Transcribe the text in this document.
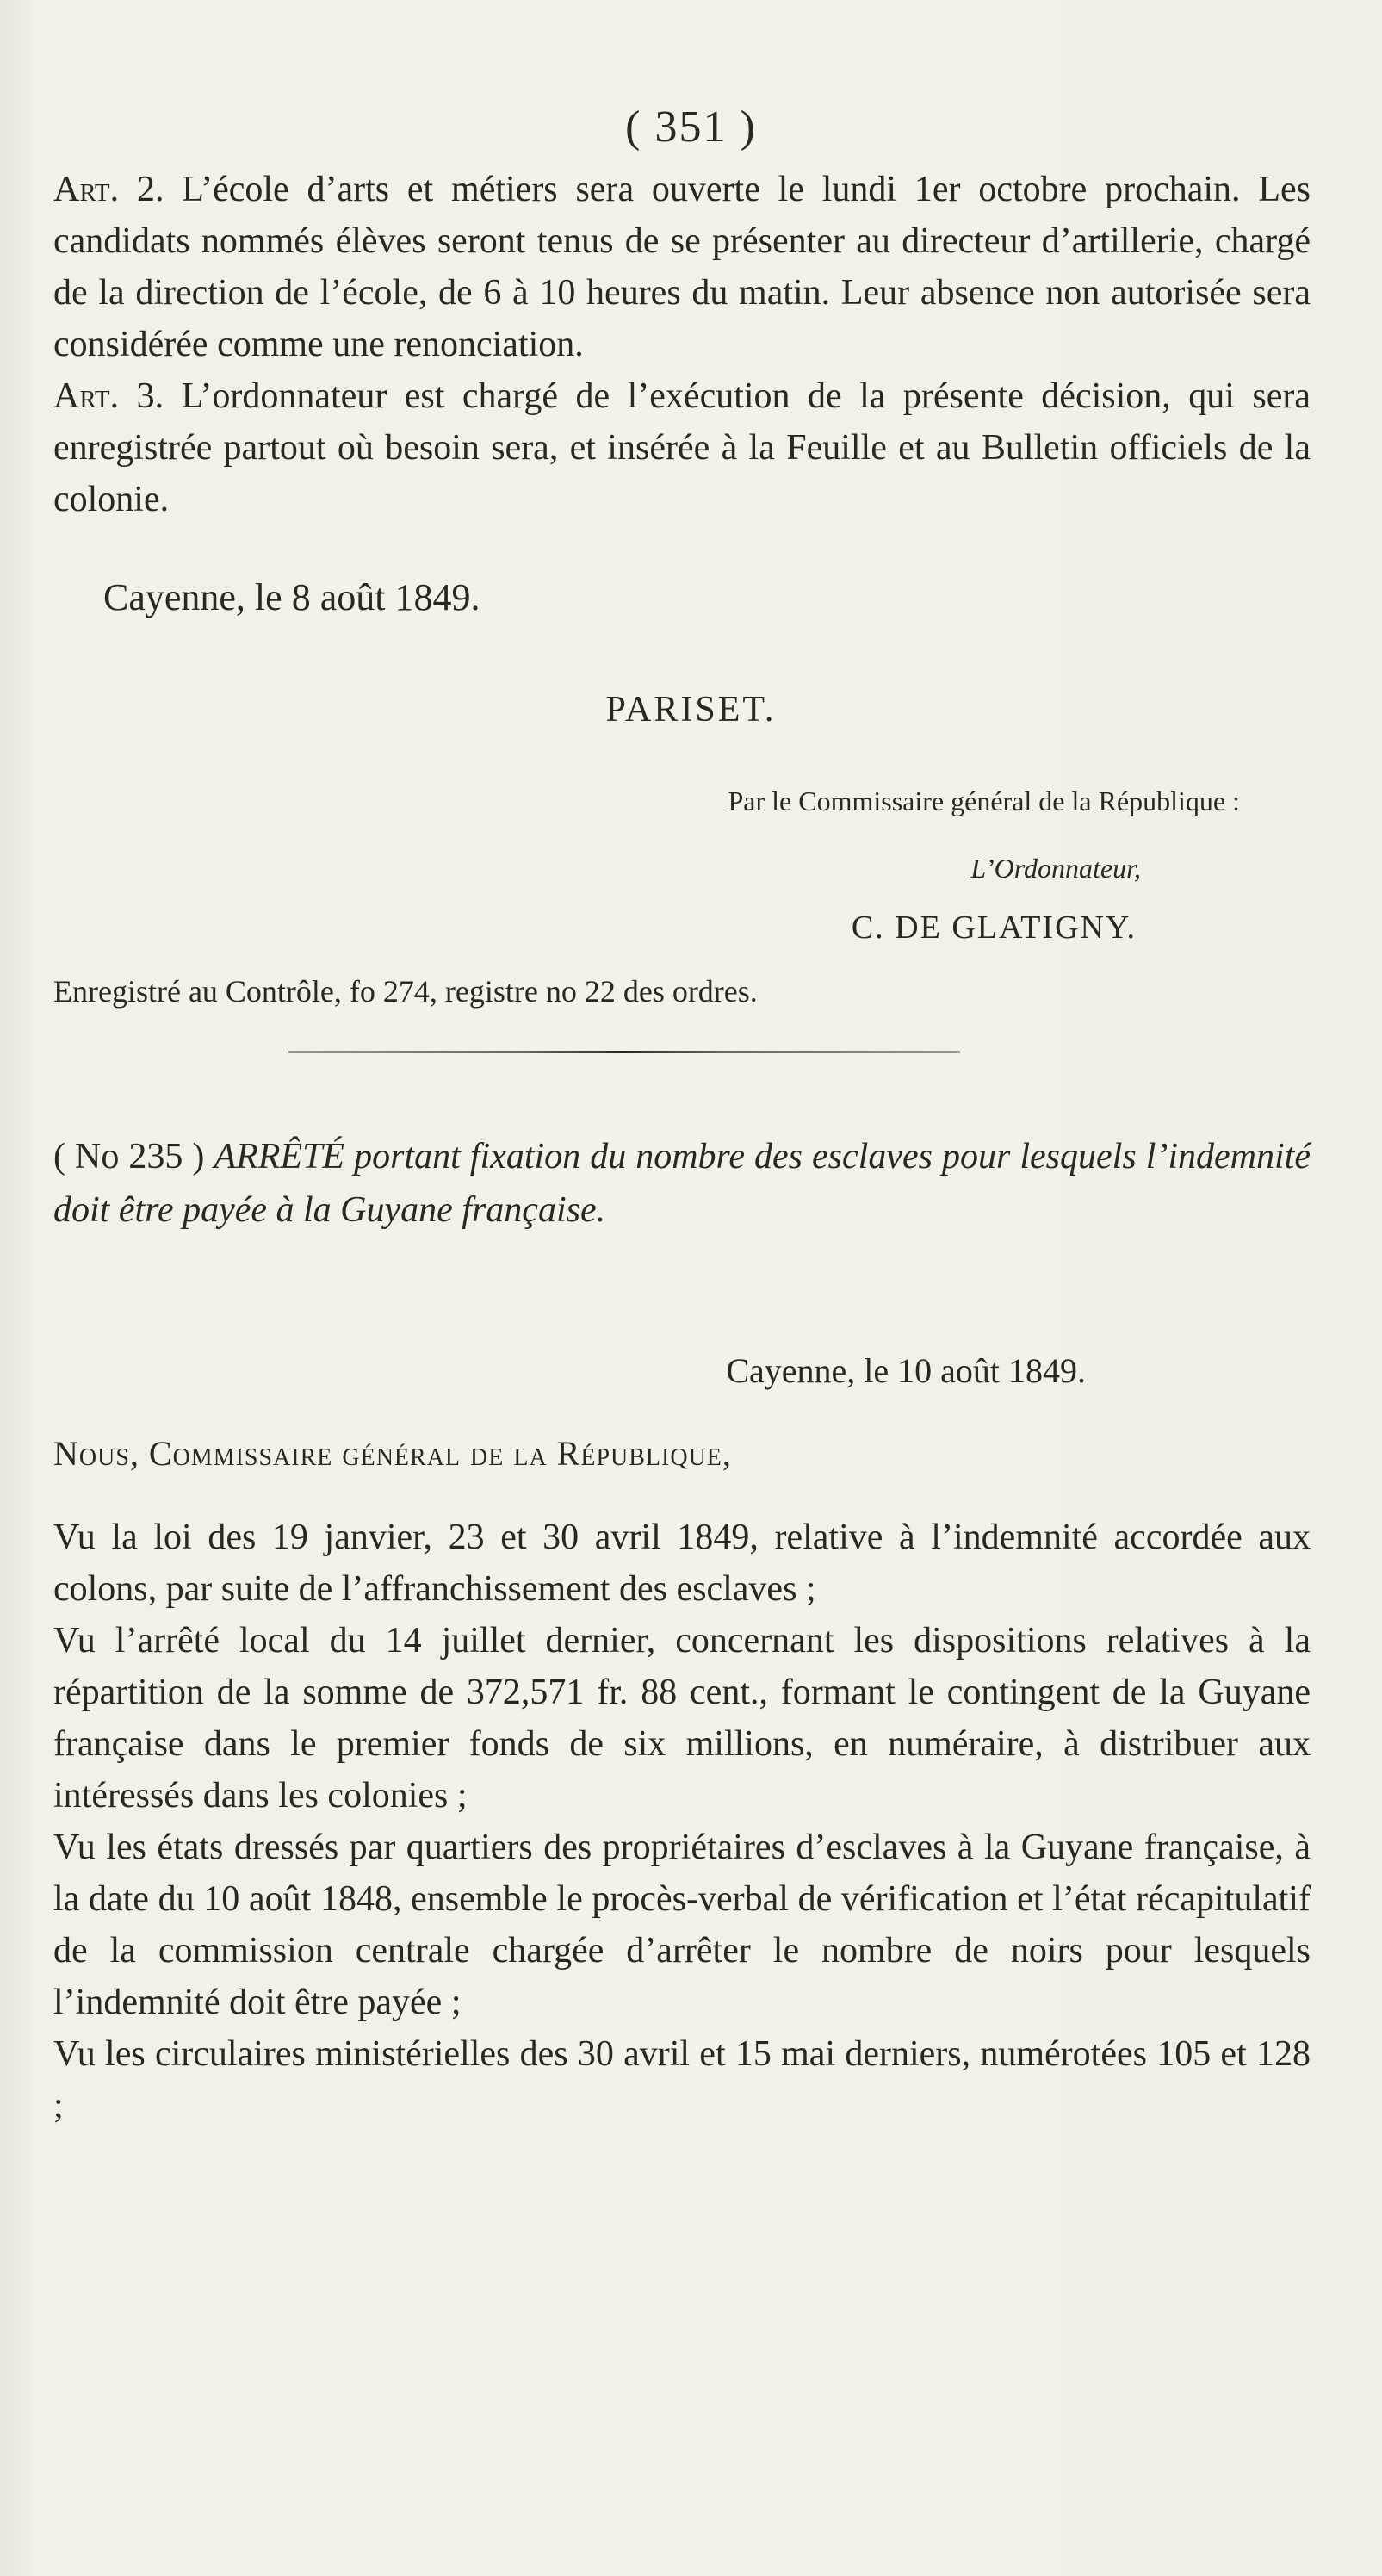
( 351 )

Art. 2. L’école d’arts et métiers sera ouverte le lundi 1er octobre prochain. Les candidats nommés élèves seront tenus de se présenter au directeur d’artillerie, chargé de la direction de l’école, de 6 à 10 heures du matin. Leur absence non autorisée sera considérée comme une renonciation.

Art. 3. L’ordonnateur est chargé de l’exécution de la présente décision, qui sera enregistrée partout où besoin sera, et insérée à la Feuille et au Bulletin officiels de la colonie.

Cayenne, le 8 août 1849.
PARISET.
Par le Commissaire général de la République :
L’Ordonnateur,
C. DE GLATIGNY.
Enregistré au Contrôle, fo 274, registre no 22 des ordres.
( No 235 ) ARRÊTÉ portant fixation du nombre des esclaves pour lesquels l’indemnité doit être payée à la Guyane française.
Cayenne, le 10 août 1849.
Nous, Commissaire général de la République,

Vu la loi des 19 janvier, 23 et 30 avril 1849, relative à l’indemnité accordée aux colons, par suite de l’affranchissement des esclaves ;

Vu l’arrêté local du 14 juillet dernier, concernant les dispositions relatives à la répartition de la somme de 372,571 fr. 88 cent., formant le contingent de la Guyane française dans le premier fonds de six millions, en numéraire, à distribuer aux intéressés dans les colonies ;

Vu les états dressés par quartiers des propriétaires d’esclaves à la Guyane française, à la date du 10 août 1848, ensemble le procès-verbal de vérification et l’état récapitulatif de la commission centrale chargée d’arrêter le nombre de noirs pour lesquels l’indemnité doit être payée ;

Vu les circulaires ministérielles des 30 avril et 15 mai derniers, numérotées 105 et 128 ;
